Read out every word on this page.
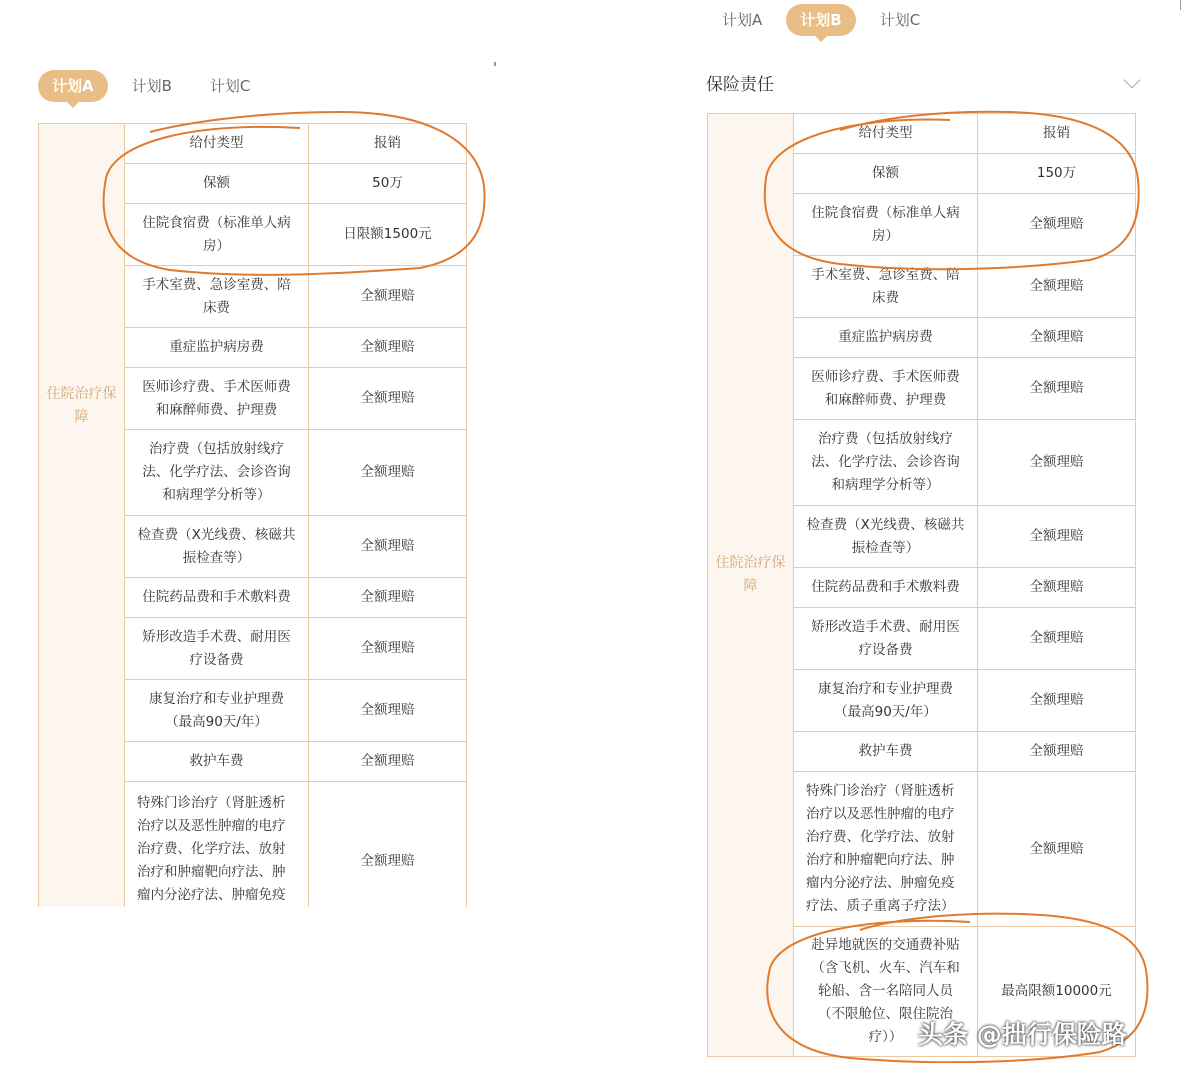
计划A	计划B	计划C
住院治疗保障	给付类型	报销
	保额	50万
	住院食宿费（标准单人病房）	日限额1500元
	手术室费、急诊室费、陪床费	全额理赔
	重症监护病房费	全额理赔
	医师诊疗费、手术医师费和麻醉师费、护理费	全额理赔
	治疗费（包括放射线疗法、化学疗法、会诊咨询和病理学分析等）	全额理赔
	检查费（X光线费、核磁共振检查等）	全额理赔
	住院药品费和手术敷料费	全额理赔
	矫形改造手术费、耐用医疗设备费	全额理赔
	康复治疗和专业护理费（最高90天/年）	全额理赔
	救护车费	全额理赔
	特殊门诊治疗（肾脏透析治疗以及恶性肿瘤的电疗治疗费、化学疗法、放射治疗和肿瘤靶向疗法、肿瘤内分泌疗法、肿瘤免疫	全额理赔
计划A	计划B	计划C
保险责任
住院治疗保障	给付类型	报销
	保额	150万
	住院食宿费（标准单人病房）	全额理赔
	手术室费、急诊室费、陪床费	全额理赔
	重症监护病房费	全额理赔
	医师诊疗费、手术医师费和麻醉师费、护理费	全额理赔
	治疗费（包括放射线疗法、化学疗法、会诊咨询和病理学分析等）	全额理赔
	检查费（X光线费、核磁共振检查等）	全额理赔
	住院药品费和手术敷料费	全额理赔
	矫形改造手术费、耐用医疗设备费	全额理赔
	康复治疗和专业护理费（最高90天/年）	全额理赔
	救护车费	全额理赔
	特殊门诊治疗（肾脏透析治疗以及恶性肿瘤的电疗治疗费、化学疗法、放射治疗和肿瘤靶向疗法、肿瘤内分泌疗法、肿瘤免疫疗法、质子重离子疗法）	全额理赔
	赴异地就医的交通费补贴（含飞机、火车、汽车和轮船、含一名陪同人员（不限舱位、限住院治疗））	最高限额10000元
头条 @拙行保险路
